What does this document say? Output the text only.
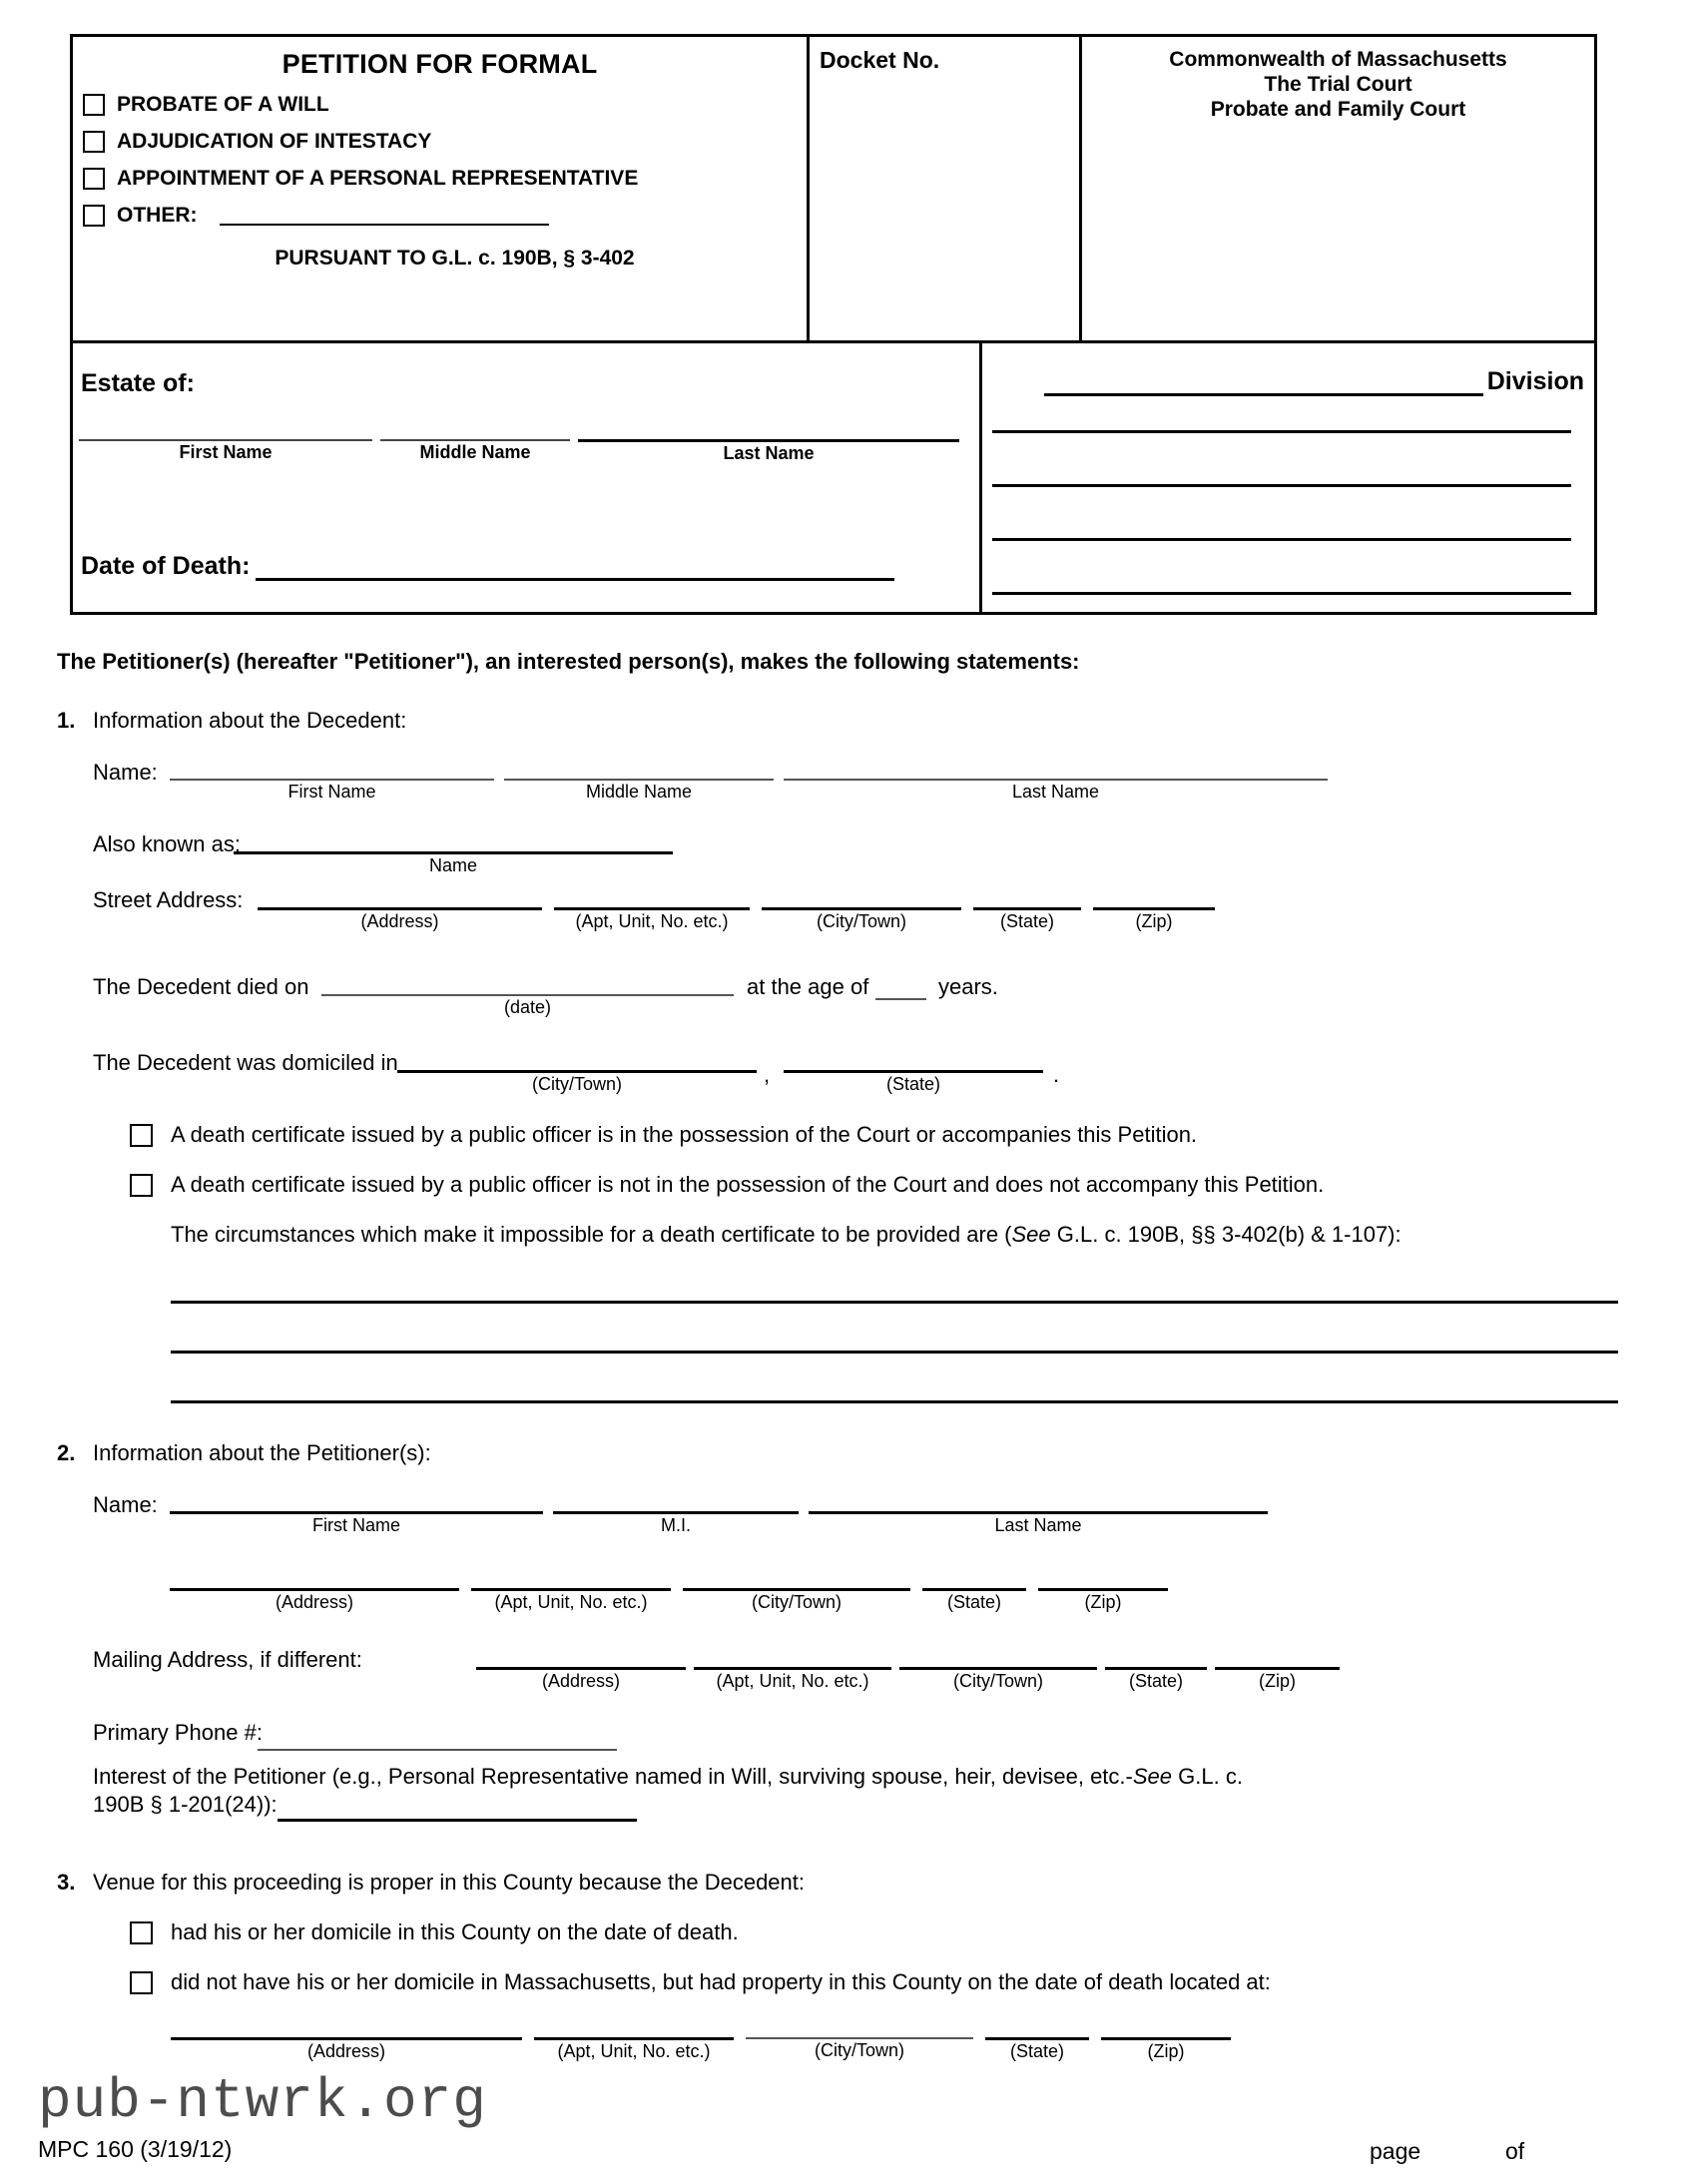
PETITION FOR FORMAL
PROBATE OF A WILL
ADJUDICATION OF INTESTACY
APPOINTMENT OF A PERSONAL REPRESENTATIVE
OTHER:
PURSUANT TO G.L. c. 190B, § 3-402
Docket No.	Commonwealth of Massachusetts
The Trial Court
Probate and Family Court
Estate of:
First Name	Middle Name	Last Name
Date of Death:
Division
The Petitioner(s) (hereafter "Petitioner"), an interested person(s), makes the following statements:
1. Information about the Decedent:
Name:
First Name	Middle Name	Last Name
Also known as:
Name
Street Address:
(Address)	(Apt, Unit, No. etc.)	(City/Town)	(State)	(Zip)
The Decedent died on
(date)
at the age of	years.
The Decedent was domiciled in
(City/Town)	,	(State)	.
A death certificate issued by a public officer is in the possession of the Court or accompanies this Petition.
A death certificate issued by a public officer is not in the possession of the Court and does not accompany this Petition.
The circumstances which make it impossible for a death certificate to be provided are (See G.L. c. 190B, §§ 3-402(b) & 1-107):
2. Information about the Petitioner(s):
Name:
First Name	M.I.	Last Name
(Address)	(Apt, Unit, No. etc.)	(City/Town)	(State)	(Zip)
Mailing Address, if different:
(Address)	(Apt, Unit, No. etc.)	(City/Town)	(State)	(Zip)
Primary Phone #:
Interest of the Petitioner (e.g., Personal Representative named in Will, surviving spouse, heir, devisee, etc.-See G.L. c.
190B § 1-201(24)):
3. Venue for this proceeding is proper in this County because the Decedent:
had his or her domicile in this County on the date of death.
did not have his or her domicile in Massachusetts, but had property in this County on the date of death located at:
(Address)	(Apt, Unit, No. etc.)	(City/Town)	(State)	(Zip)
pub-ntwrk.org
MPC 160 (3/19/12)	page	of
